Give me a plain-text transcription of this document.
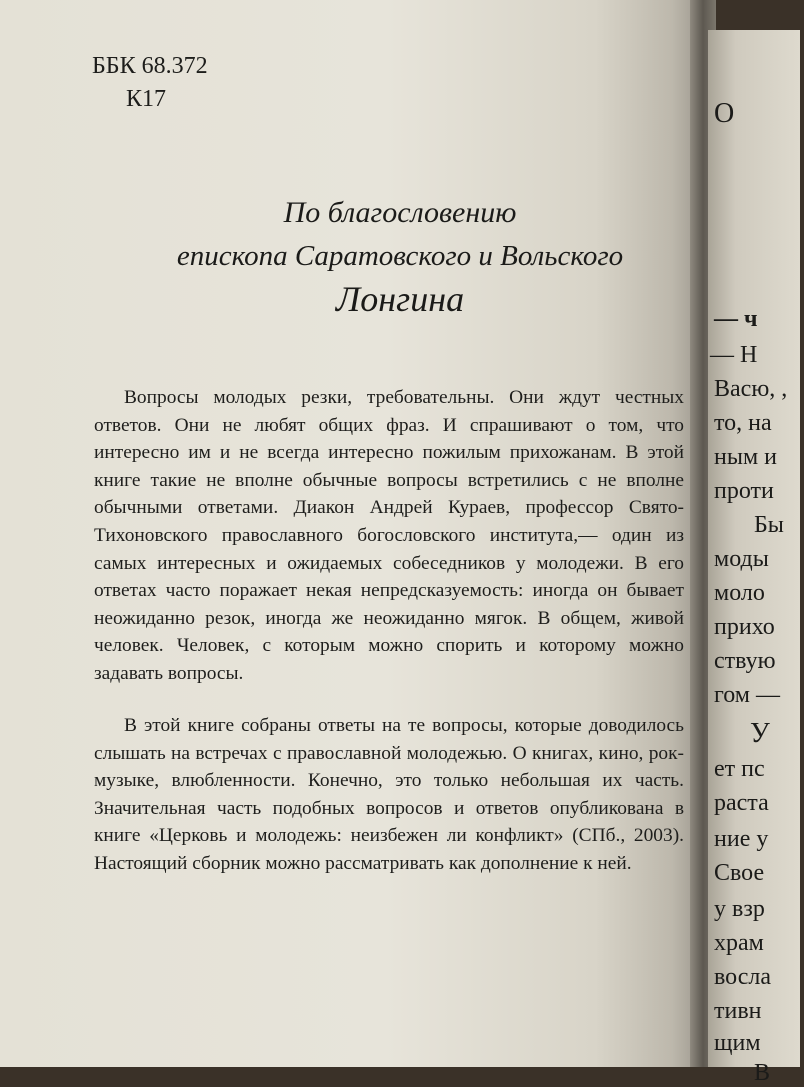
ББК 68.372
К17
По благословению
епископа Саратовского и Вольского
Лонгина

Вопросы молодых резки, требовательны. Они ждут честных ответов. Они не любят общих фраз. И спрашивают о том, что интересно им и не всегда интересно пожилым прихожанам. В этой книге такие не вполне обычные вопросы встретились с не вполне обычными ответами. Диакон Андрей Кураев, профессор Свято-Тихоновского православного богословского института,— один из самых интересных и ожидаемых собеседников у молодежи. В его ответах часто поражает некая непредсказуемость: иногда он бывает неожиданно резок, иногда же неожиданно мягок. В общем, живой человек. Человек, с которым можно спорить и которому можно задавать вопросы.

В этой книге собраны ответы на те вопросы, которые доводилось слышать на встречах с православной молодежью. О книгах, кино, рок-музыке, влюбленности. Конечно, это только небольшая их часть. Значительная часть подобных вопросов и ответов опубликована в книге «Церковь и молодежь: неизбежен ли конфликт» (СПб., 2003). Настоящий сборник можно рассматривать как дополнение к ней.

О
— ч
— Н
Васю, ,
то, на
ным и
проти
Бы
моды
моло
прихо
ствую
гом —
У
ет пс
раста
ние у
Свое
у взр
храм
восла
тивн
щим
В
